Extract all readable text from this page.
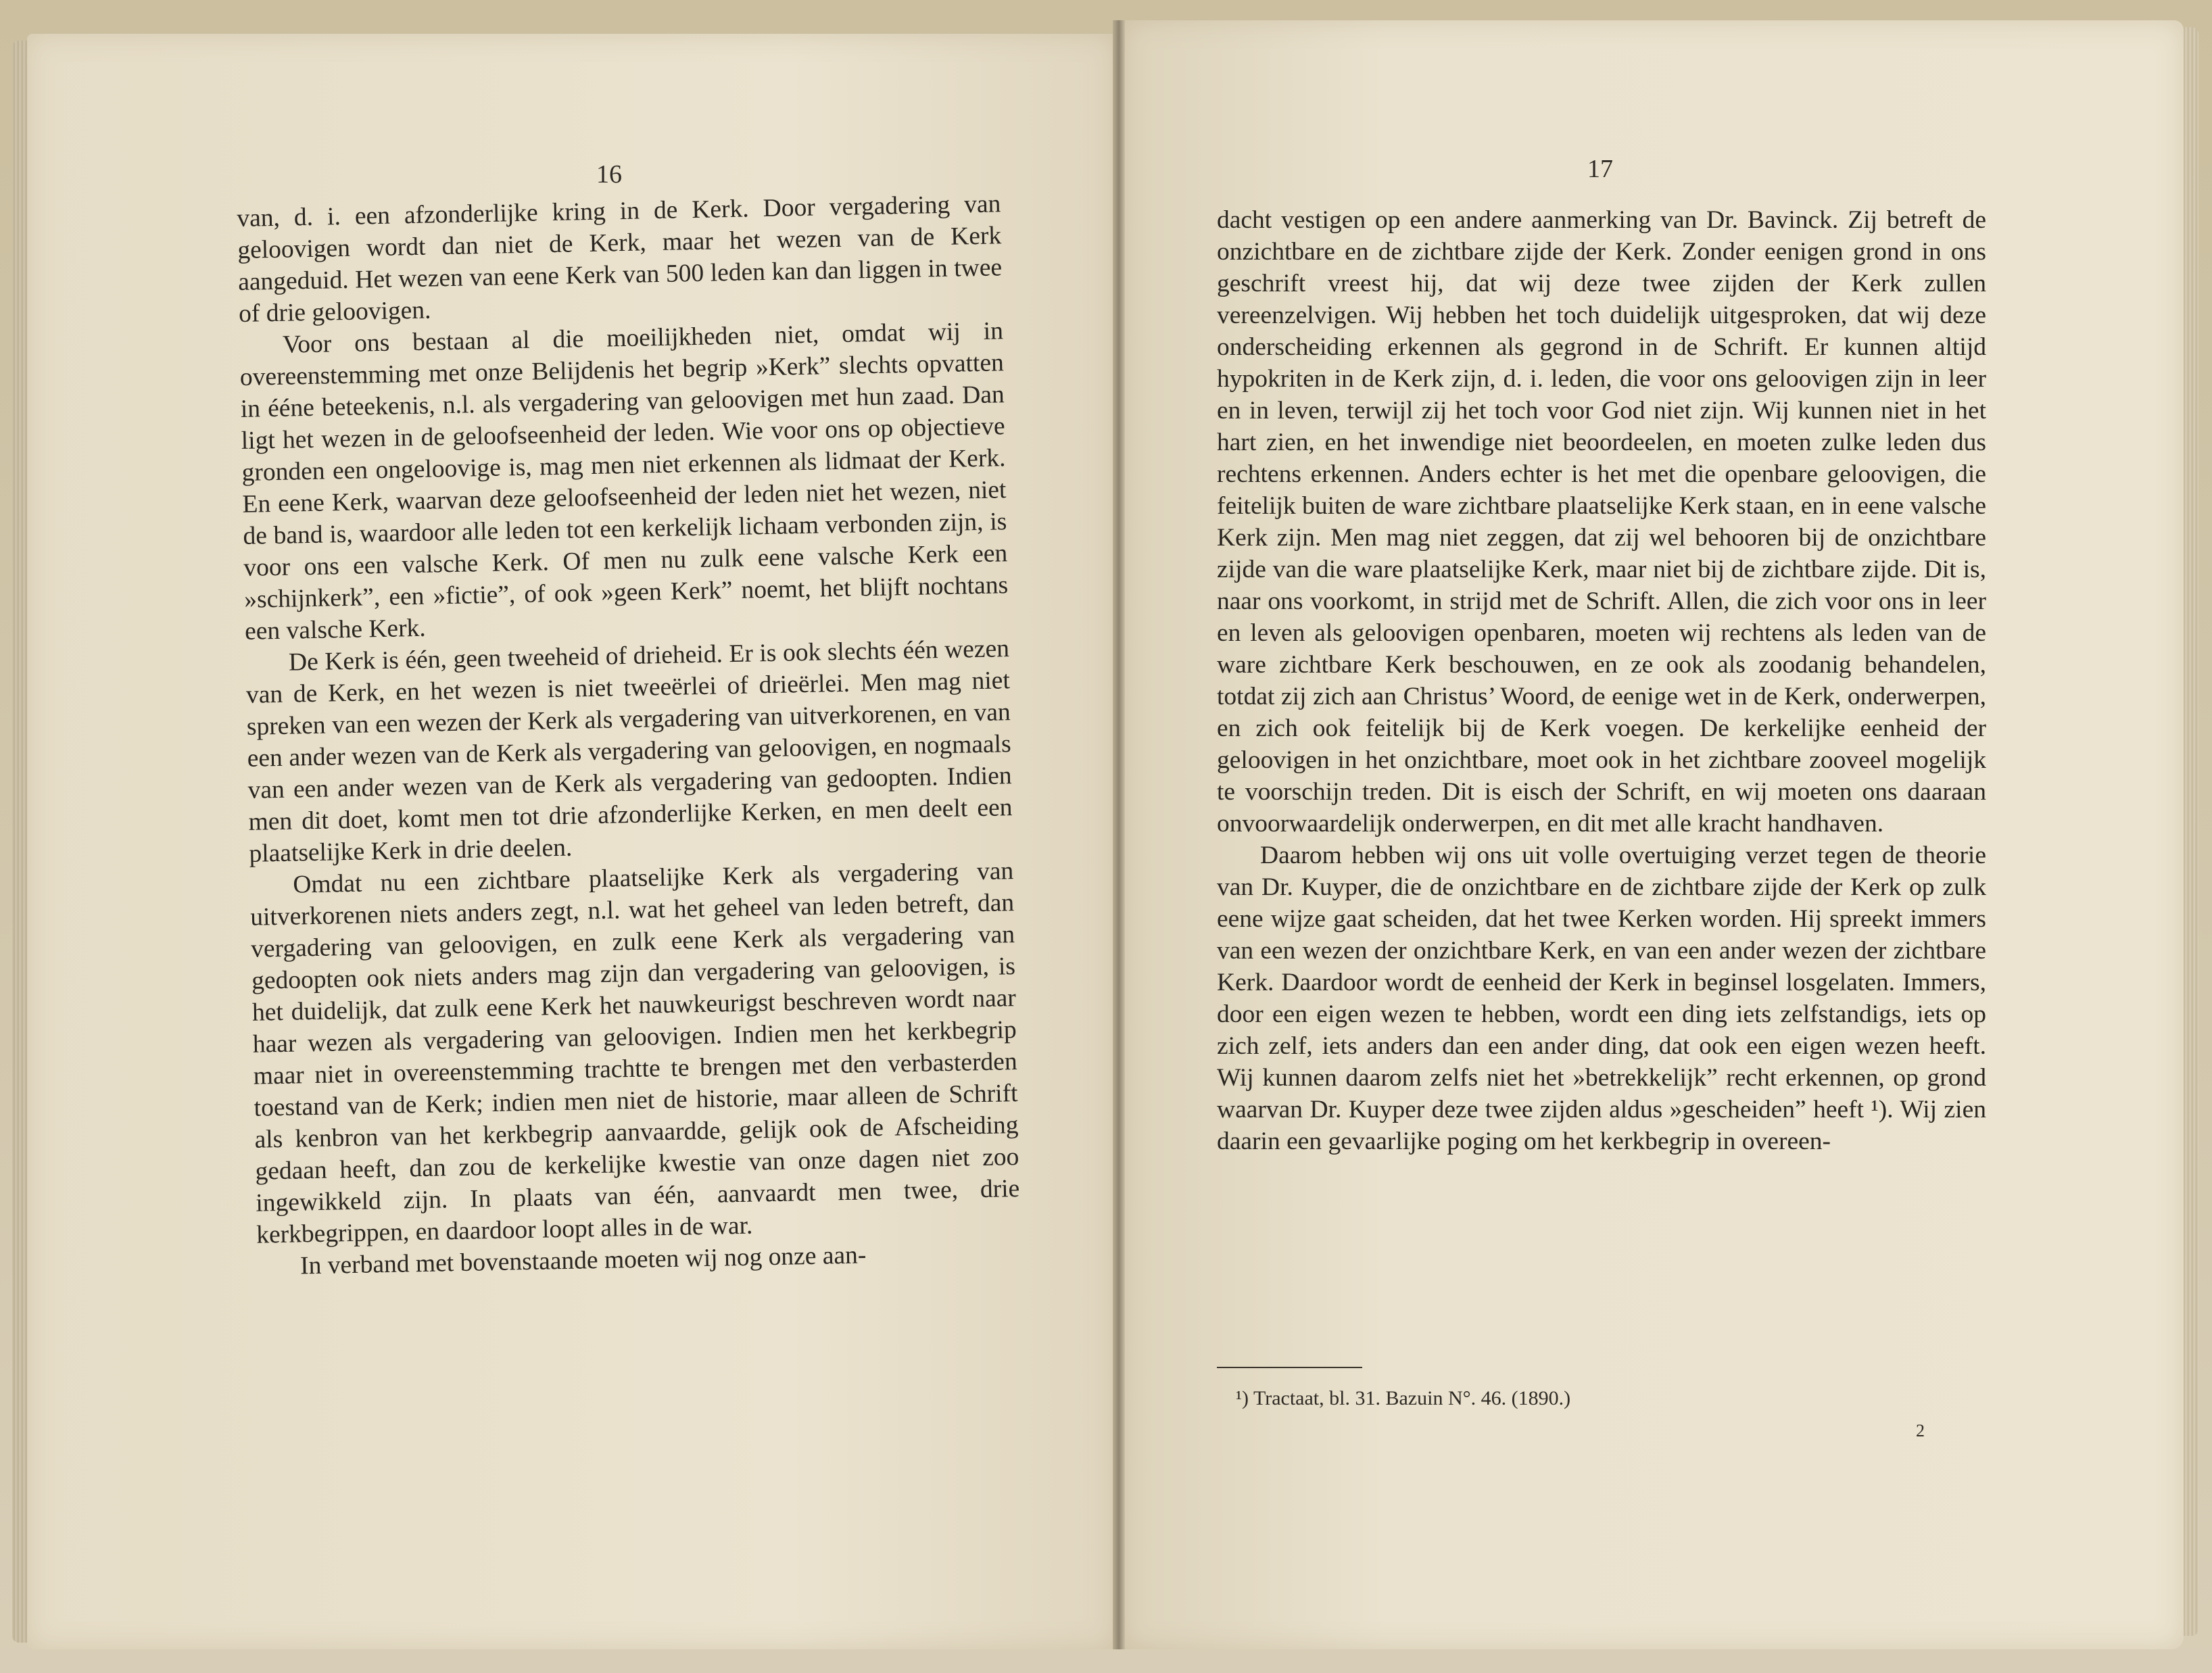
16	17

van, d. i. een afzonderlijke kring in de Kerk. Door vergadering van geloovigen wordt dan niet de Kerk, maar het wezen van de Kerk aangeduid. Het wezen van eene Kerk van 500 leden kan dan liggen in twee of drie geloovigen.

Voor ons bestaan al die moeilijkheden niet, omdat wij in overeenstemming met onze Belijdenis het begrip »Kerk” slechts opvatten in ééne beteekenis, n.l. als vergadering van geloovigen met hun zaad. Dan ligt het wezen in de geloofseenheid der leden. Wie voor ons op objectieve gronden een ongeloovige is, mag men niet erkennen als lidmaat der Kerk. En eene Kerk, waarvan deze geloofseenheid der leden niet het wezen, niet de band is, waardoor alle leden tot een kerkelijk lichaam verbonden zijn, is voor ons een valsche Kerk. Of men nu zulk eene valsche Kerk een »schijnkerk”, een »fictie”, of ook »geen Kerk” noemt, het blijft nochtans een valsche Kerk.

De Kerk is één, geen tweeheid of drieheid. Er is ook slechts één wezen van de Kerk, en het wezen is niet tweeërlei of drieërlei. Men mag niet spreken van een wezen der Kerk als vergadering van uitverkorenen, en van een ander wezen van de Kerk als vergadering van geloovigen, en nogmaals van een ander wezen van de Kerk als vergadering van gedoopten. Indien men dit doet, komt men tot drie afzonderlijke Kerken, en men deelt een plaatselijke Kerk in drie deelen.

Omdat nu een zichtbare plaatselijke Kerk als vergadering van uitverkorenen niets anders zegt, n.l. wat het geheel van leden betreft, dan vergadering van geloovigen, en zulk eene Kerk als vergadering van gedoopten ook niets anders mag zijn dan vergadering van geloovigen, is het duidelijk, dat zulk eene Kerk het nauwkeurigst beschreven wordt naar haar wezen als vergadering van geloovigen. Indien men het kerkbegrip maar niet in overeenstemming trachtte te brengen met den verbasterden toestand van de Kerk; indien men niet de historie, maar alleen de Schrift als kenbron van het kerkbegrip aanvaardde, gelijk ook de Afscheiding gedaan heeft, dan zou de kerkelijke kwestie van onze dagen niet zoo ingewikkeld zijn. In plaats van één, aanvaardt men twee, drie kerkbegrippen, en daardoor loopt alles in de war.

In verband met bovenstaande moeten wij nog onze aan-

dacht vestigen op een andere aanmerking van Dr. Bavinck. Zij betreft de onzichtbare en de zichtbare zijde der Kerk. Zonder eenigen grond in ons geschrift vreest hij, dat wij deze twee zijden der Kerk zullen vereenzelvigen. Wij hebben het toch duidelijk uitgesproken, dat wij deze onderscheiding erkennen als gegrond in de Schrift. Er kunnen altijd hypokriten in de Kerk zijn, d. i. leden, die voor ons geloovigen zijn in leer en in leven, terwijl zij het toch voor God niet zijn. Wij kunnen niet in het hart zien, en het inwendige niet beoordeelen, en moeten zulke leden dus rechtens erkennen. Anders echter is het met die openbare geloovigen, die feitelijk buiten de ware zichtbare plaatselijke Kerk staan, en in eene valsche Kerk zijn. Men mag niet zeggen, dat zij wel behooren bij de onzichtbare zijde van die ware plaatselijke Kerk, maar niet bij de zichtbare zijde. Dit is, naar ons voorkomt, in strijd met de Schrift. Allen, die zich voor ons in leer en leven als geloovigen openbaren, moeten wij rechtens als leden van de ware zichtbare Kerk beschouwen, en ze ook als zoodanig behandelen, totdat zij zich aan Christus’ Woord, de eenige wet in de Kerk, onderwerpen, en zich ook feitelijk bij de Kerk voegen. De kerkelijke eenheid der geloovigen in het onzichtbare, moet ook in het zichtbare zooveel mogelijk te voorschijn treden. Dit is eisch der Schrift, en wij moeten ons daaraan onvoorwaardelijk onderwerpen, en dit met alle kracht handhaven.

Daarom hebben wij ons uit volle overtuiging verzet tegen de theorie van Dr. Kuyper, die de onzichtbare en de zichtbare zijde der Kerk op zulk eene wijze gaat scheiden, dat het twee Kerken worden. Hij spreekt immers van een wezen der onzichtbare Kerk, en van een ander wezen der zichtbare Kerk. Daardoor wordt de eenheid der Kerk in beginsel losgelaten. Immers, door een eigen wezen te hebben, wordt een ding iets zelfstandigs, iets op zich zelf, iets anders dan een ander ding, dat ook een eigen wezen heeft. Wij kunnen daarom zelfs niet het »betrekkelijk” recht erkennen, op grond waarvan Dr. Kuyper deze twee zijden aldus »gescheiden” heeft ¹). Wij zien daarin een gevaarlijke poging om het kerkbegrip in overeen-

¹) Tractaat, bl. 31. Bazuin N°. 46. (1890.)
2
